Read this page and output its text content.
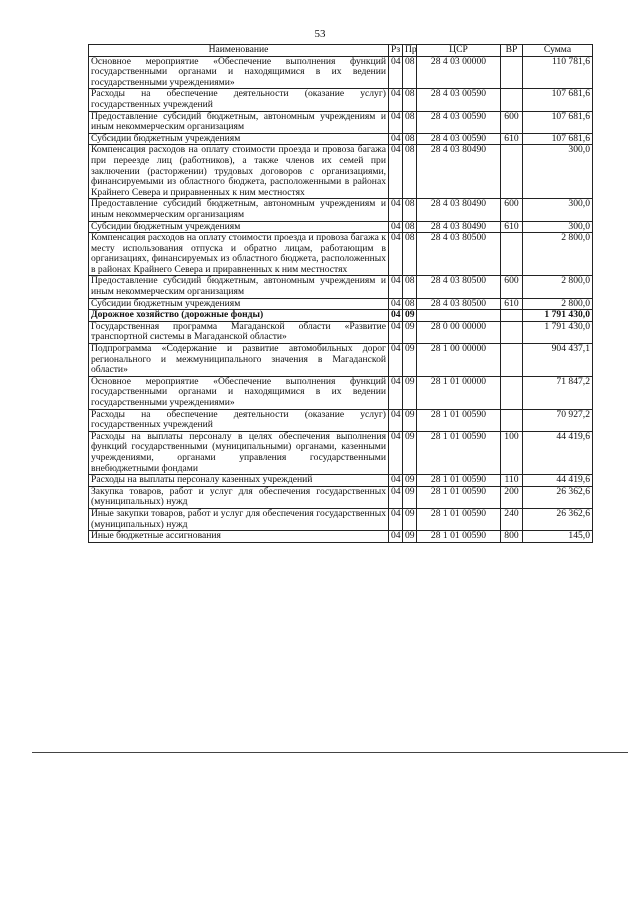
53
Наименование	Рз	Пр	ЦСР	ВР	Сумма
Основное мероприятие «Обеспечение выполнения функций государственными органами и находящимися в их ведении государственными учреждениями»	04	08	28 4 03 00000		110 781,6
Расходы на обеспечение деятельности (оказание услуг) государственных учреждений	04	08	28 4 03 00590		107 681,6
Предоставление субсидий бюджетным, автономным учреждениям и иным некоммерческим организациям	04	08	28 4 03 00590	600	107 681,6
Субсидии бюджетным учреждениям	04	08	28 4 03 00590	610	107 681,6
Компенсация расходов на оплату стоимости проезда и провоза багажа при переезде лиц (работников), а также членов их семей при заключении (расторжении) трудовых договоров с организациями, финансируемыми из областного бюджета, расположенными в районах Крайнего Севера и приравненных к ним местностях	04	08	28 4 03 80490		300,0
Предоставление субсидий бюджетным, автономным учреждениям и иным некоммерческим организациям	04	08	28 4 03 80490	600	300,0
Субсидии бюджетным учреждениям	04	08	28 4 03 80490	610	300,0
Компенсация расходов на оплату стоимости проезда и провоза багажа к месту использования отпуска и обратно лицам, работающим в организациях, финансируемых из областного бюджета, расположенных в районах Крайнего Севера и приравненных к ним местностях	04	08	28 4 03 80500		2 800,0
Предоставление субсидий бюджетным, автономным учреждениям и иным некоммерческим организациям	04	08	28 4 03 80500	600	2 800,0
Субсидии бюджетным учреждениям	04	08	28 4 03 80500	610	2 800,0
Дорожное хозяйство (дорожные фонды)	04	09			1 791 430,0
Государственная программа Магаданской области «Развитие транспортной системы в Магаданской области»	04	09	28 0 00 00000		1 791 430,0
Подпрограмма «Содержание и развитие автомобильных дорог регионального и межмуниципального значения в Магаданской области»	04	09	28 1 00 00000		904 437,1
Основное мероприятие «Обеспечение выполнения функций государственными органами и находящимися в их ведении государственными учреждениями»	04	09	28 1 01 00000		71 847,2
Расходы на обеспечение деятельности (оказание услуг) государственных учреждений	04	09	28 1 01 00590		70 927,2
Расходы на выплаты персоналу в целях обеспечения выполнения функций государственными (муниципальными) органами, казенными учреждениями, органами управления государственными внебюджетными фондами	04	09	28 1 01 00590	100	44 419,6
Расходы на выплаты персоналу казенных учреждений	04	09	28 1 01 00590	110	44 419,6
Закупка товаров, работ и услуг для обеспечения государственных (муниципальных) нужд	04	09	28 1 01 00590	200	26 362,6
Иные закупки товаров, работ и услуг для обеспечения государственных (муниципальных) нужд	04	09	28 1 01 00590	240	26 362,6
Иные бюджетные ассигнования	04	09	28 1 01 00590	800	145,0
